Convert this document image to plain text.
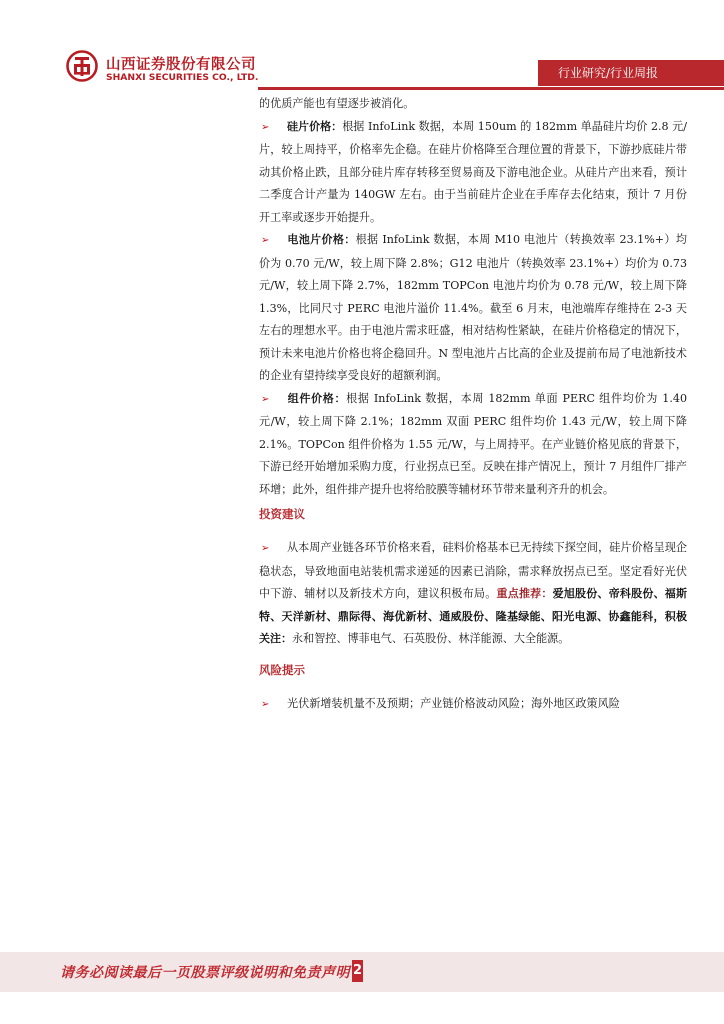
山西证券股份有限公司
SHANXI SECURITIES CO., LTD.	行业研究/行业周报

的优质产能也有望逐步被消化。

➢ 硅片价格：根据 InfoLink 数据，本周 150um 的 182mm 单晶硅片均价 2.8 元/片，较上周持平，价格率先企稳。在硅片价格降至合理位置的背景下，下游抄底硅片带动其价格止跌，且部分硅片库存转移至贸易商及下游电池企业。从硅片产出来看，预计二季度合计产量为 140GW 左右。由于当前硅片企业在手库存去化结束，预计 7 月份开工率或逐步开始提升。

➢ 电池片价格：根据 InfoLink 数据，本周 M10 电池片（转换效率 23.1%+）均价为 0.70 元/W，较上周下降 2.8%；G12 电池片（转换效率 23.1%+）均价为 0.73 元/W，较上周下降 2.7%，182mm TOPCon 电池片均价为 0.78 元/W，较上周下降 1.3%，比同尺寸 PERC 电池片溢价 11.4%。截至 6 月末，电池端库存维持在 2-3 天左右的理想水平。由于电池片需求旺盛，相对结构性紧缺，在硅片价格稳定的情况下，预计未来电池片价格也将企稳回升。N 型电池片占比高的企业及提前布局了电池新技术的企业有望持续享受良好的超额利润。

➢ 组件价格：根据 InfoLink 数据，本周 182mm 单面 PERC 组件均价为 1.40 元/W，较上周下降 2.1%；182mm 双面 PERC 组件均价 1.43 元/W，较上周下降 2.1%。TOPCon 组件价格为 1.55 元/W，与上周持平。在产业链价格见底的背景下，下游已经开始增加采购力度，行业拐点已至。反映在排产情况上，预计 7 月组件厂排产环增；此外，组件排产提升也将给胶膜等辅材环节带来量利齐升的机会。

投资建议

➢ 从本周产业链各环节价格来看，硅料价格基本已无持续下探空间，硅片价格呈现企稳状态，导致地面电站装机需求递延的因素已消除，需求释放拐点已至。坚定看好光伏中下游、辅材以及新技术方向，建议积极布局。重点推荐：爱旭股份、帝科股份、福斯特、天洋新材、鼎际得、海优新材、通威股份、隆基绿能、阳光电源、协鑫能科，积极关注：永和智控、博菲电气、石英股份、林洋能源、大全能源。

风险提示

➢ 光伏新增装机量不及预期；产业链价格波动风险；海外地区政策风险

请务必阅读最后一页股票评级说明和免责声明 2
